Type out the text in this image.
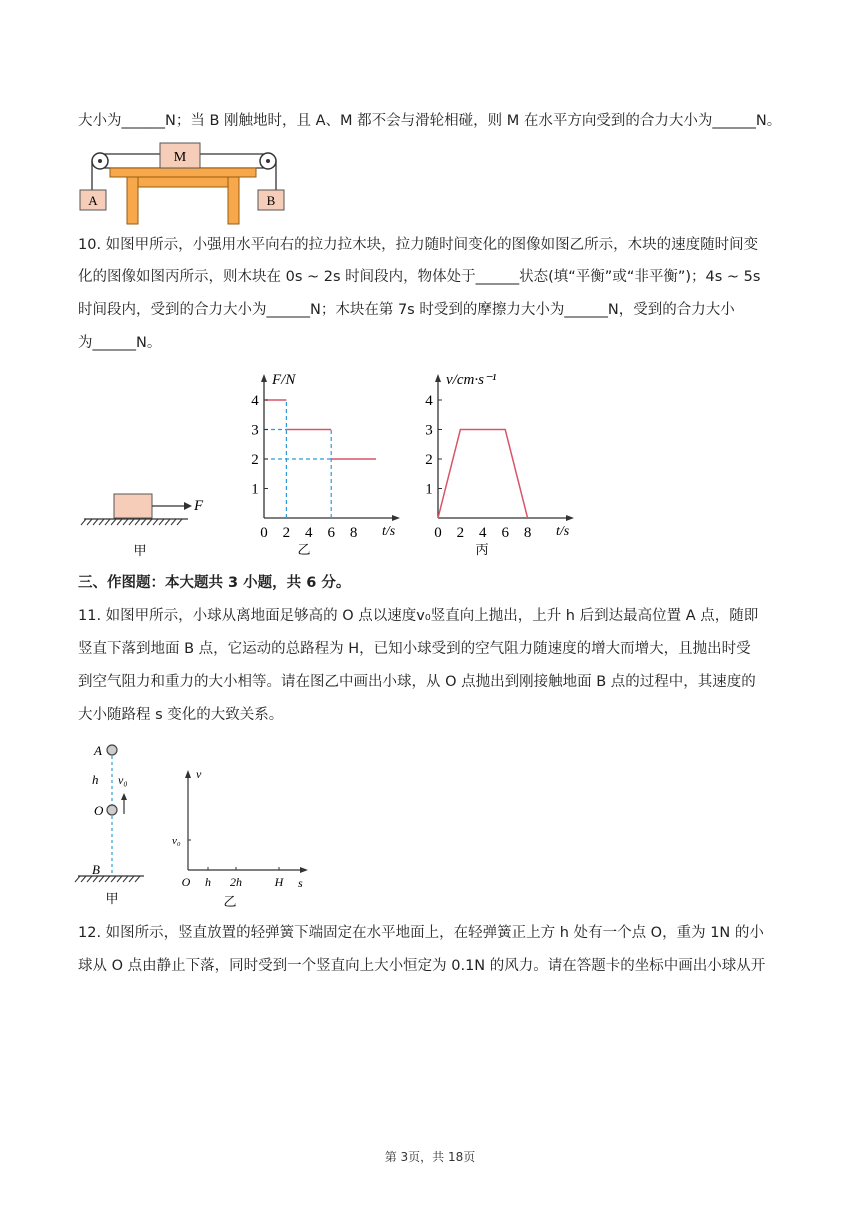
大小为______N；当 B 刚触地时，且 A、M 都不会与滑轮相碰，则 M 在水平方向受到的合力大小为______N。
M
A	B
10. 如图甲所示，小强用水平向右的拉力拉木块，拉力随时间变化的图像如图乙所示，木块的速度随时间变
化的图像如图丙所示，则木块在 0s ~ 2s 时间段内，物体处于______状态(填“平衡”或“非平衡”)；4s ~ 5s
时间段内，受到的合力大小为______N；木块在第 7s 时受到的摩擦力大小为______N，受到的合力大小
为______N。
F
甲
1
2
3
4
0 2 4 6 8
F/N
t/s
乙
1
2
3
4
0 2 4 6 8
v/cm·s⁻¹
t/s
丙
三、作图题：本大题共 3 小题，共 6 分。
11. 如图甲所示，小球从离地面足够高的 O 点以速度v₀竖直向上抛出，上升 h 后到达最高位置 A 点，随即
竖直下落到地面 B 点，它运动的总路程为 H，已知小球受到的空气阻力随速度的增大而增大，且抛出时受
到空气阻力和重力的大小相等。请在图乙中画出小球，从 O 点抛出到刚接触地面 B 点的过程中，其速度的
大小随路程 s 变化的大致关系。
A
O
h v₀
B
甲
v
s
v₀
O h 2h	H
乙
12. 如图所示，竖直放置的轻弹簧下端固定在水平地面上，在轻弹簧正上方 h 处有一个点 O，重为 1N 的小
球从 O 点由静止下落，同时受到一个竖直向上大小恒定为 0.1N 的风力。请在答题卡的坐标中画出小球从开
第 3页，共 18页
